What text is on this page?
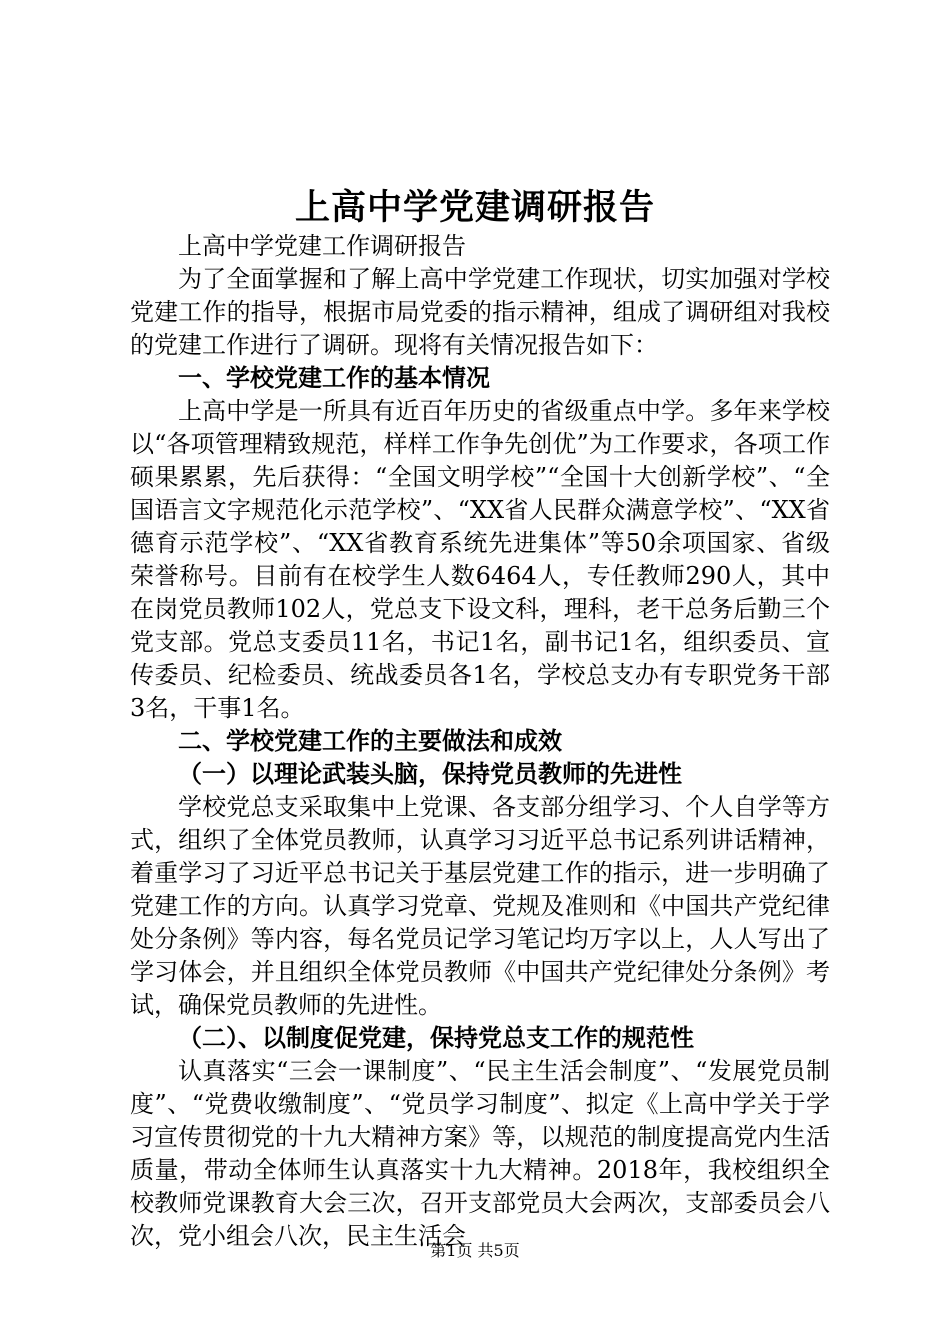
上高中学党建调研报告

上高中学党建工作调研报告

为了全面掌握和了解上高中学党建工作现状，切实加强对学校党建工作的指导，根据市局党委的指示精神，组成了调研组对我校的党建工作进行了调研。现将有关情况报告如下：

一、学校党建工作的基本情况

上高中学是一所具有近百年历史的省级重点中学。多年来学校以“各项管理精致规范，样样工作争先创优”为工作要求，各项工作硕果累累，先后获得：“全国文明学校”“全国十大创新学校”、“全国语言文字规范化示范学校”、“XX省人民群众满意学校”、“XX省德育示范学校”、“XX省教育系统先进集体”等50余项国家、省级荣誉称号。目前有在校学生人数6464人，专任教师290人，其中在岗党员教师102人，党总支下设文科，理科，老干总务后勤三个党支部。党总支委员11名，书记1名，副书记1名，组织委员、宣传委员、纪检委员、统战委员各1名，学校总支办有专职党务干部3名，干事1名。

二、学校党建工作的主要做法和成效

（一）以理论武装头脑，保持党员教师的先进性

学校党总支采取集中上党课、各支部分组学习、个人自学等方式，组织了全体党员教师，认真学习习近平总书记系列讲话精神，着重学习了习近平总书记关于基层党建工作的指示，进一步明确了党建工作的方向。认真学习党章、党规及准则和《中国共产党纪律处分条例》等内容，每名党员记学习笔记均万字以上，人人写出了学习体会，并且组织全体党员教师《中国共产党纪律处分条例》考试，确保党员教师的先进性。

（二）、以制度促党建，保持党总支工作的规范性

认真落实“三会一课制度”、“民主生活会制度”、“发展党员制度”、“党费收缴制度”、“党员学习制度”、拟定《上高中学关于学习宣传贯彻党的十九大精神方案》等，以规范的制度提高党内生活质量，带动全体师生认真落实十九大精神。2018年，我校组织全校教师党课教育大会三次，召开支部党员大会两次，支部委员会八次，党小组会八次，民主生活会

第1页 共5页
